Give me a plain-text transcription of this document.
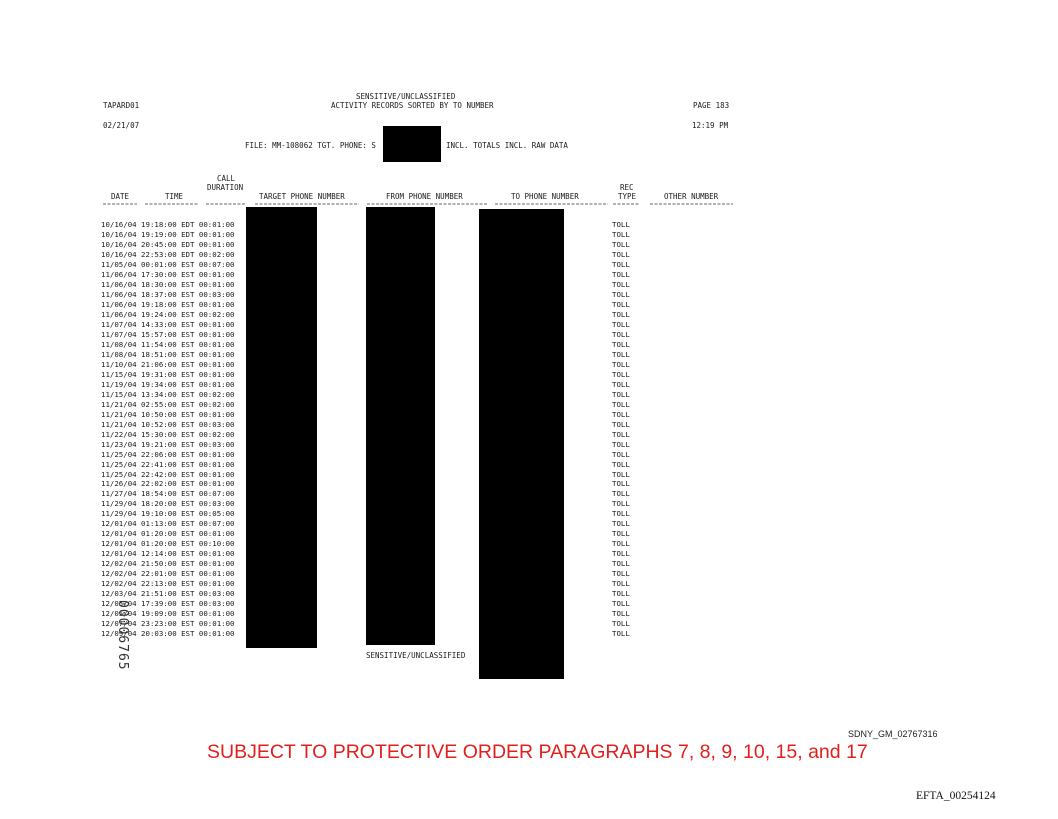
TAPARD01
SENSITIVE/UNCLASSIFIED
ACTIVITY RECORDS SORTED BY TO NUMBER	PAGE 183
02/21/07	12:19 PM
FILE: MM-108062 TGT. PHONE: S	INCL. TOTALS INCL. RAW DATA
CALL
DURATION
DATE	TIME	TARGET PHONE NUMBER	FROM PHONE NUMBER	TO PHONE NUMBER
REC
TYPE	OTHER NUMBER
10/16/04 19:18:00 EDT 00:01:00	TOLL
10/16/04 19:19:00 EDT 00:01:00	TOLL
10/16/04 20:45:00 EDT 00:01:00	TOLL
10/16/04 22:53:00 EDT 00:02:00	TOLL
11/05/04 00:01:00 EST 00:07:00	TOLL
11/06/04 17:30:00 EST 00:01:00	TOLL
11/06/04 18:30:00 EST 00:01:00	TOLL
11/06/04 18:37:00 EST 00:03:00	TOLL
11/06/04 19:18:00 EST 00:01:00	TOLL
11/06/04 19:24:00 EST 00:02:00	TOLL
11/07/04 14:33:00 EST 00:01:00	TOLL
11/07/04 15:57:00 EST 00:01:00	TOLL
11/08/04 11:54:00 EST 00:01:00	TOLL
11/08/04 18:51:00 EST 00:01:00	TOLL
11/10/04 21:06:00 EST 00:01:00	TOLL
11/15/04 19:31:00 EST 00:01:00	TOLL
11/19/04 19:34:00 EST 00:01:00	TOLL
11/15/04 13:34:00 EST 00:02:00	TOLL
11/21/04 02:55:00 EST 00:02:00	TOLL
11/21/04 10:50:00 EST 00:01:00	TOLL
11/21/04 10:52:00 EST 00:03:00	TOLL
11/22/04 15:30:00 EST 00:02:00	TOLL
11/23/04 19:21:00 EST 00:03:00	TOLL
11/25/04 22:06:00 EST 00:01:00	TOLL
11/25/04 22:41:00 EST 00:01:00	TOLL
11/25/04 22:42:00 EST 00:01:00	TOLL
11/26/04 22:02:00 EST 00:01:00	TOLL
11/27/04 18:54:00 EST 00:07:00	TOLL
11/29/04 18:20:00 EST 00:03:00	TOLL
11/29/04 19:10:00 EST 00:05:00	TOLL
12/01/04 01:13:00 EST 00:07:00	TOLL
12/01/04 01:20:00 EST 00:01:00	TOLL
12/01/04 01:20:00 EST 00:10:00	TOLL
12/01/04 12:14:00 EST 00:01:00	TOLL
12/02/04 21:50:00 EST 00:01:00	TOLL
12/02/04 22:01:00 EST 00:01:00	TOLL
12/02/04 22:13:00 EST 00:01:00	TOLL
12/03/04 21:51:00 EST 00:03:00	TOLL
12/05/04 17:39:00 EST 00:03:00	TOLL
12/05/04 19:09:00 EST 00:01:00	TOLL
12/07/04 23:23:00 EST 00:01:00	TOLL
12/09/04 20:03:00 EST 00:01:00	TOLL
SENSITIVE/UNCLASSIFIED
00006765
SDNY_GM_02767316
SUBJECT TO PROTECTIVE ORDER PARAGRAPHS 7, 8, 9, 10, 15, and 17
EFTA_00254124
